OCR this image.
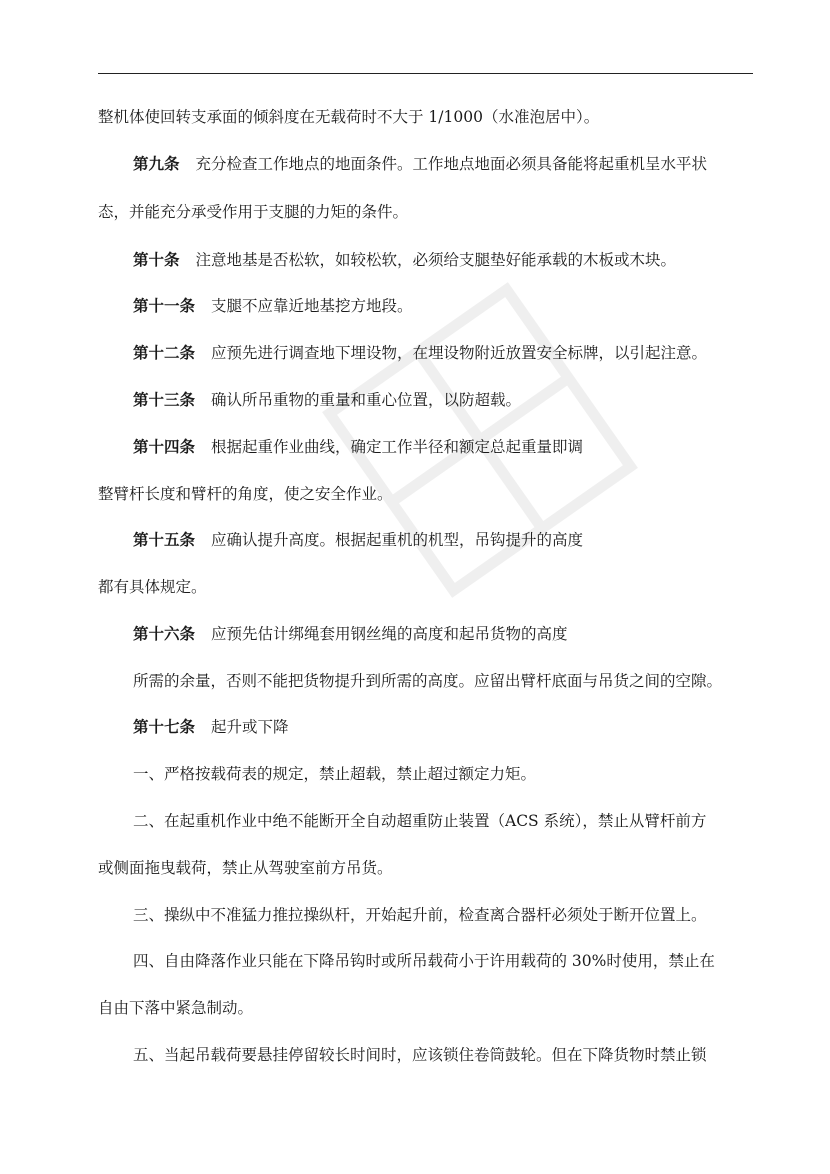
整机体使回转支承面的倾斜度在无载荷时不大于 1/1000（水准泡居中）。
第九条 充分检查工作地点的地面条件。工作地点地面必须具备能将起重机呈水平状
态，并能充分承受作用于支腿的力矩的条件。
第十条 注意地基是否松软，如较松软，必须给支腿垫好能承载的木板或木块。
第十一条 支腿不应靠近地基挖方地段。
第十二条 应预先进行调查地下埋设物，在埋设物附近放置安全标牌，以引起注意。
第十三条 确认所吊重物的重量和重心位置，以防超载。
第十四条 根据起重作业曲线，确定工作半径和额定总起重量即调
整臂杆长度和臂杆的角度，使之安全作业。
第十五条 应确认提升高度。根据起重机的机型，吊钩提升的高度
都有具体规定。
第十六条 应预先估计绑绳套用钢丝绳的高度和起吊货物的高度
所需的余量，否则不能把货物提升到所需的高度。应留出臂杆底面与吊货之间的空隙。
第十七条 起升或下降
一、严格按载荷表的规定，禁止超载，禁止超过额定力矩。
二、在起重机作业中绝不能断开全自动超重防止装置（ACS 系统），禁止从臂杆前方
或侧面拖曳载荷，禁止从驾驶室前方吊货。
三、操纵中不准猛力推拉操纵杆，开始起升前，检查离合器杆必须处于断开位置上。
四、自由降落作业只能在下降吊钩时或所吊载荷小于许用载荷的 30%时使用，禁止在
自由下落中紧急制动。
五、当起吊载荷要悬挂停留较长时间时，应该锁住卷筒鼓轮。但在下降货物时禁止锁
